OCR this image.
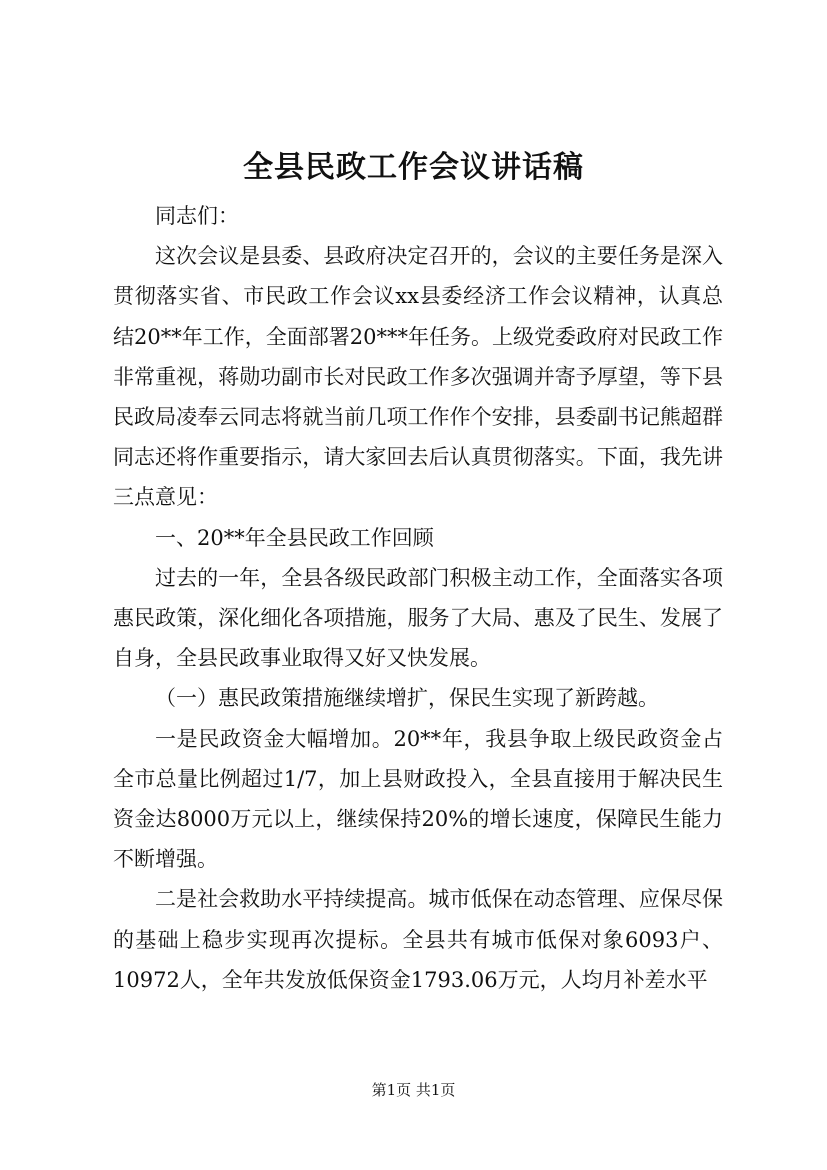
全县民政工作会议讲话稿

同志们：

这次会议是县委、县政府决定召开的，会议的主要任务是深入贯彻落实省、市民政工作会议xx县委经济工作会议精神，认真总结20**年工作，全面部署20***年任务。上级党委政府对民政工作非常重视，蒋勋功副市长对民政工作多次强调并寄予厚望，等下县民政局凌奉云同志将就当前几项工作作个安排，县委副书记熊超群同志还将作重要指示，请大家回去后认真贯彻落实。下面，我先讲三点意见：

一、20**年全县民政工作回顾

过去的一年，全县各级民政部门积极主动工作，全面落实各项惠民政策，深化细化各项措施，服务了大局、惠及了民生、发展了自身，全县民政事业取得又好又快发展。

（一）惠民政策措施继续增扩，保民生实现了新跨越。

一是民政资金大幅增加。20**年，我县争取上级民政资金占全市总量比例超过1/7，加上县财政投入，全县直接用于解决民生资金达8000万元以上，继续保持20%的增长速度，保障民生能力不断增强。

二是社会救助水平持续提高。城市低保在动态管理、应保尽保的基础上稳步实现再次提标。全县共有城市低保对象6093户、10972人，全年共发放低保资金1793.06万元，人均月补差水平

第1页 共1页
